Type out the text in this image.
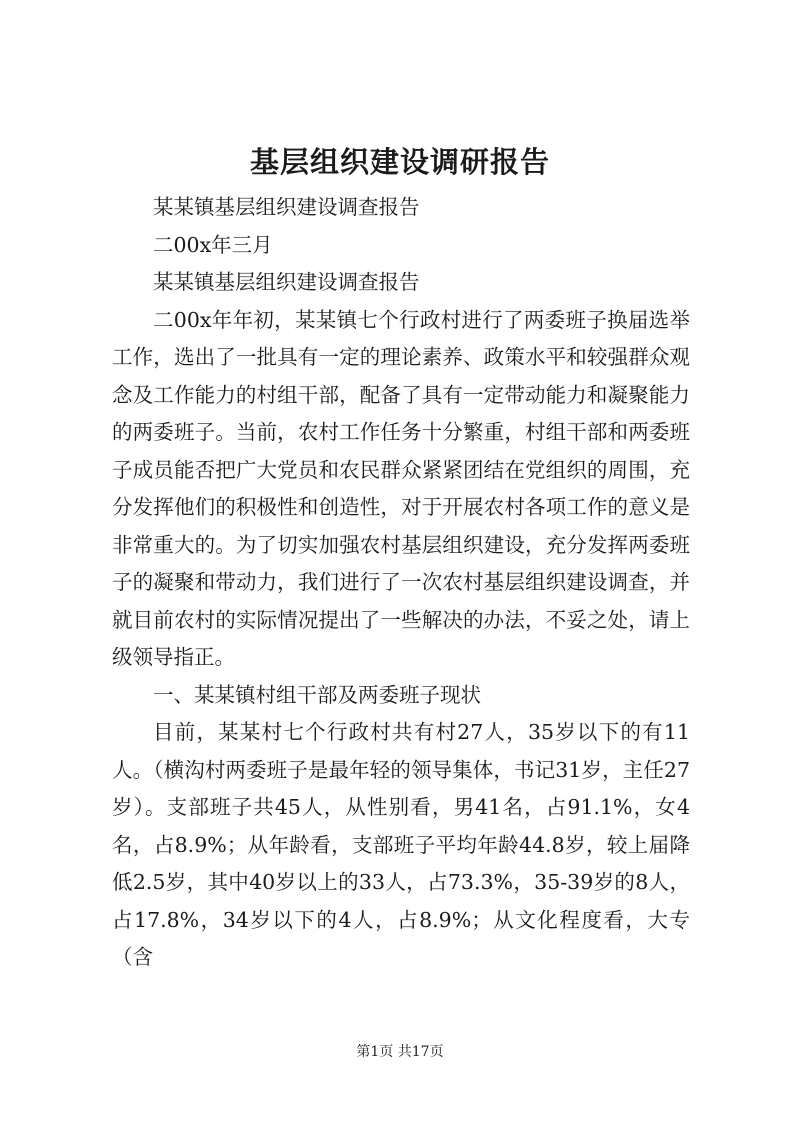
基层组织建设调研报告

某某镇基层组织建设调查报告

二00x年三月

某某镇基层组织建设调查报告

二00x年年初，某某镇七个行政村进行了两委班子换届选举工作，选出了一批具有一定的理论素养、政策水平和较强群众观念及工作能力的村组干部，配备了具有一定带动能力和凝聚能力的两委班子。当前，农村工作任务十分繁重，村组干部和两委班子成员能否把广大党员和农民群众紧紧团结在党组织的周围，充分发挥他们的积极性和创造性，对于开展农村各项工作的意义是非常重大的。为了切实加强农村基层组织建设，充分发挥两委班子的凝聚和带动力，我们进行了一次农村基层组织建设调查，并就目前农村的实际情况提出了一些解决的办法，不妥之处，请上级领导指正。

一、某某镇村组干部及两委班子现状

目前，某某村七个行政村共有村27人，35岁以下的有11人。（横沟村两委班子是最年轻的领导集体，书记31岁，主任27岁）。支部班子共45人，从性别看，男41名，占91.1%，女4名，占8.9%；从年龄看，支部班子平均年龄44.8岁，较上届降低2.5岁，其中40岁以上的33人，占73.3%，35-39岁的8人，占17.8%，34岁以下的4人，占8.9%；从文化程度看，大专（含

第1页 共17页
